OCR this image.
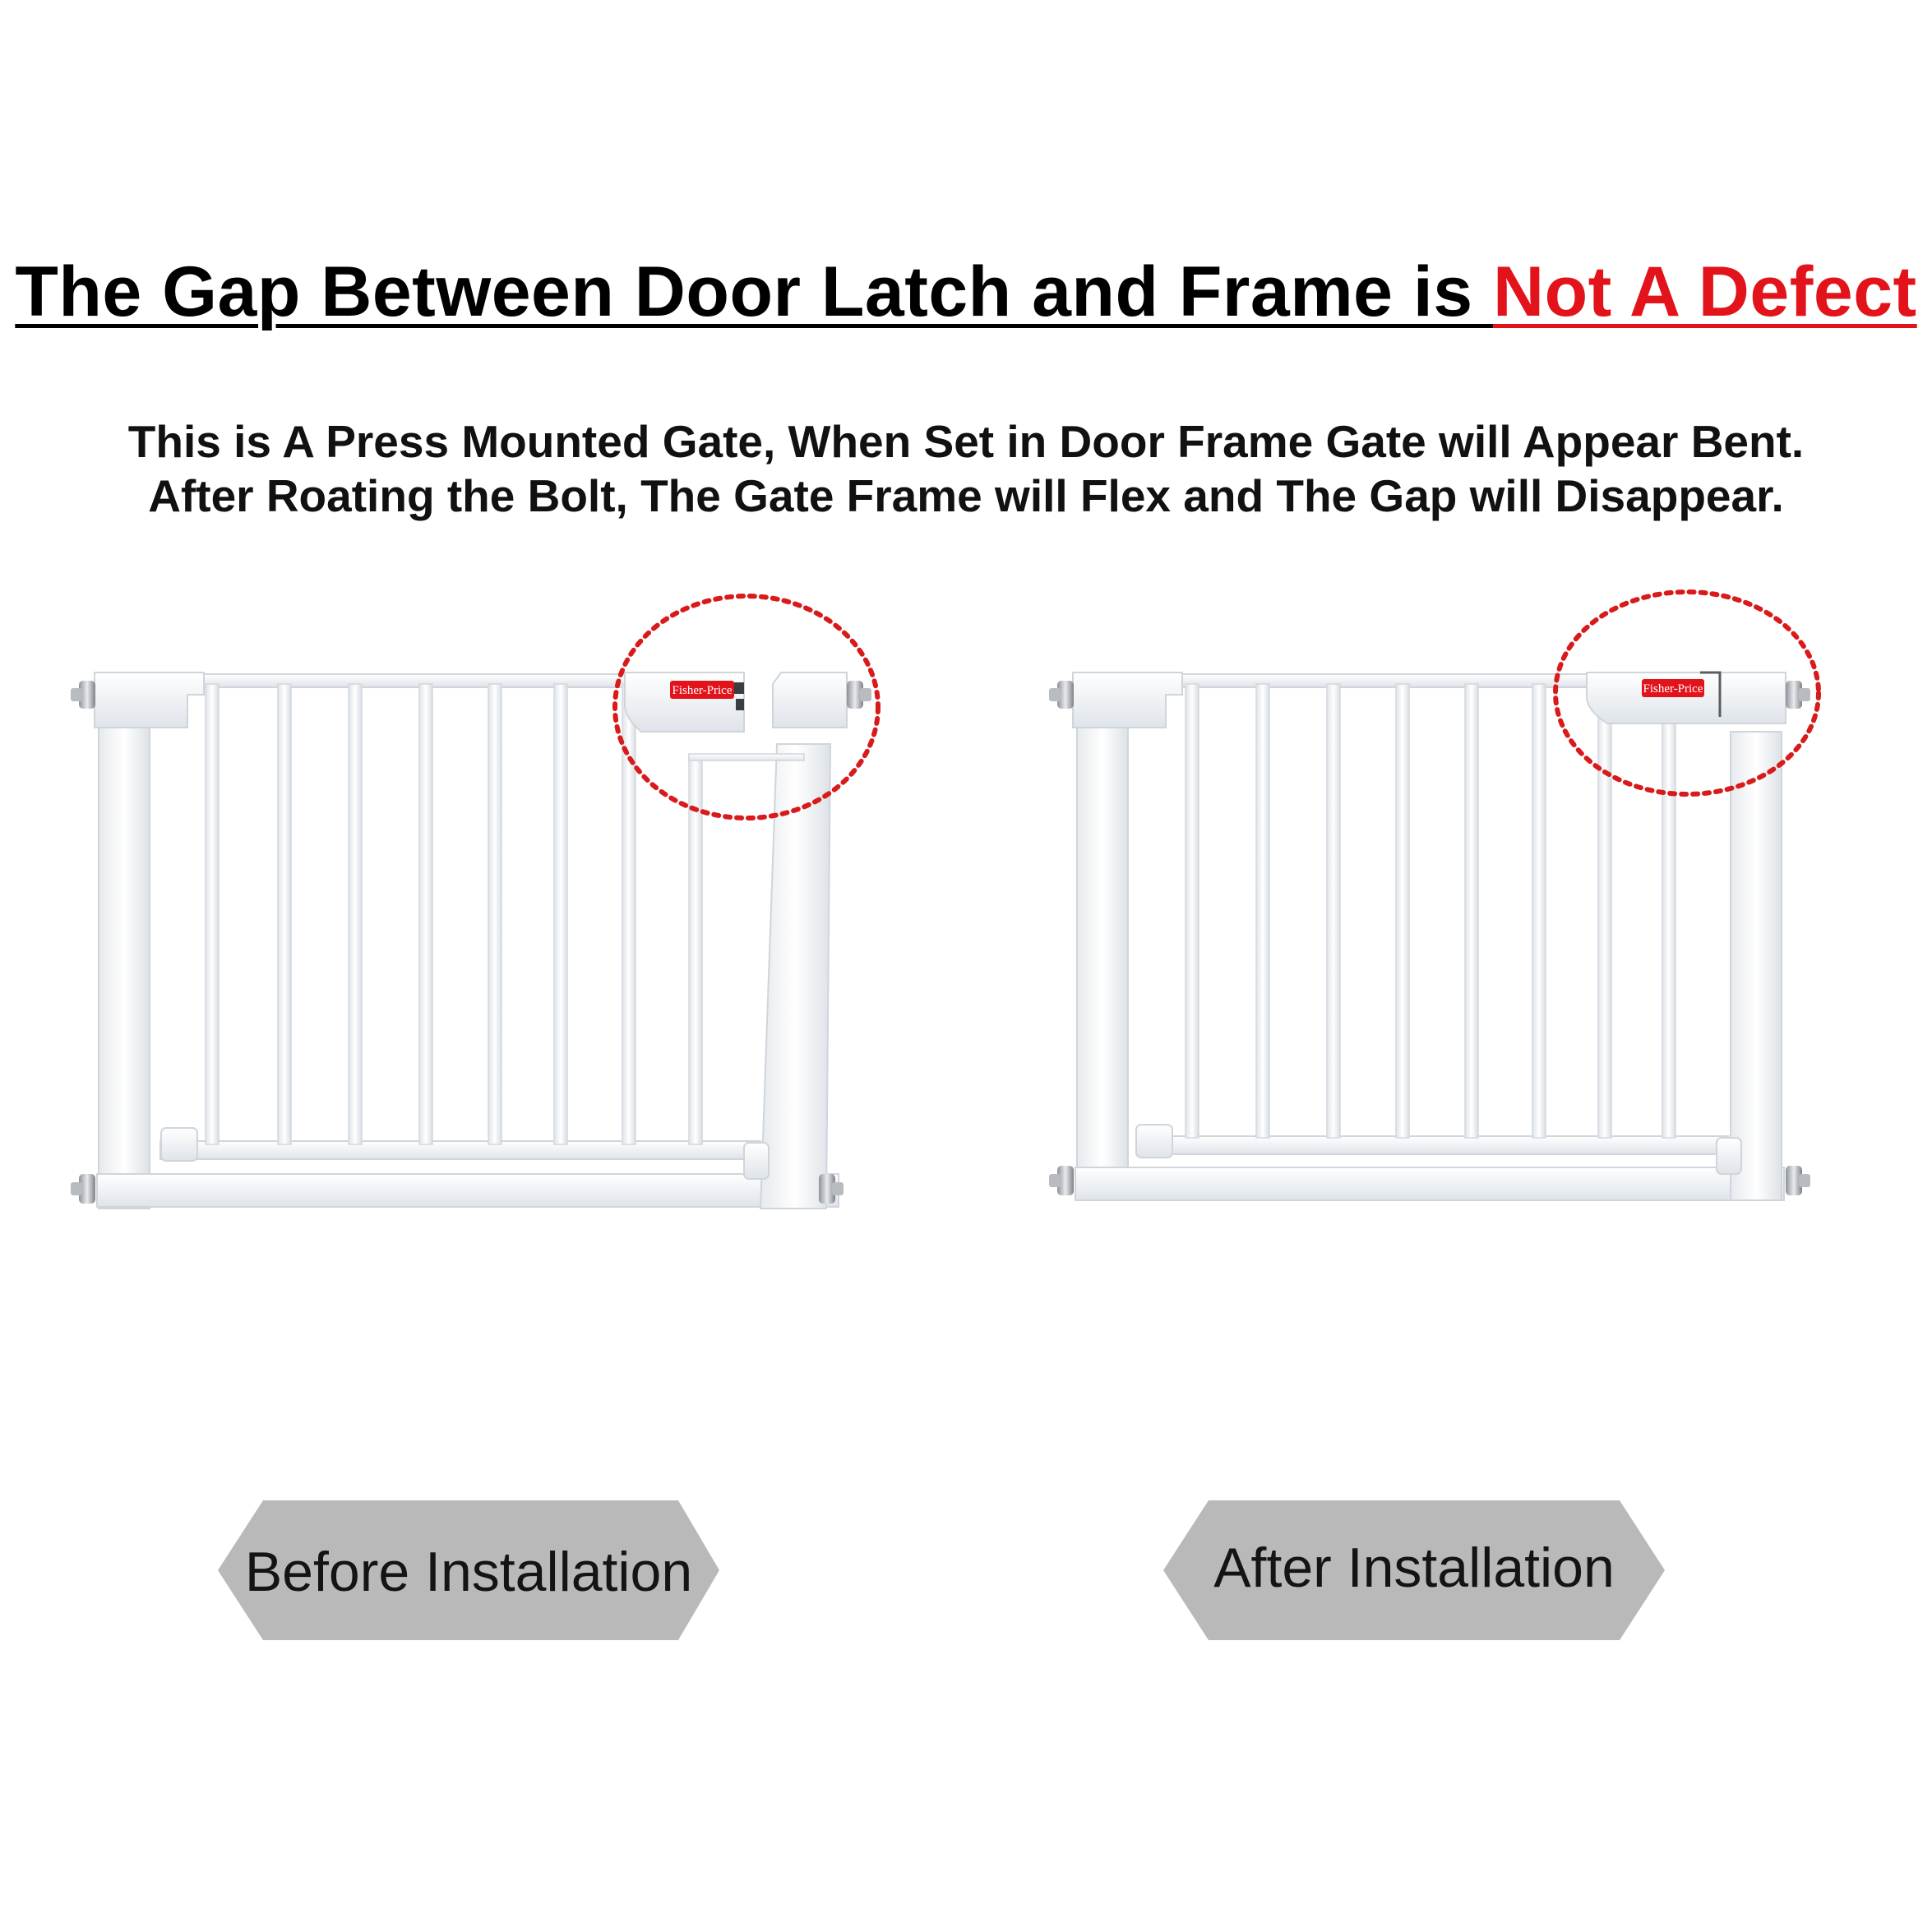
The Gap Between Door Latch and Frame is Not A Defect
This is A Press Mounted Gate, When Set in Door Frame Gate will Appear Bent.
After Roating the Bolt, The Gate Frame will Flex and The Gap will Disappear.
Fisher-Price	Fisher-Price
Before Installation	After Installation
